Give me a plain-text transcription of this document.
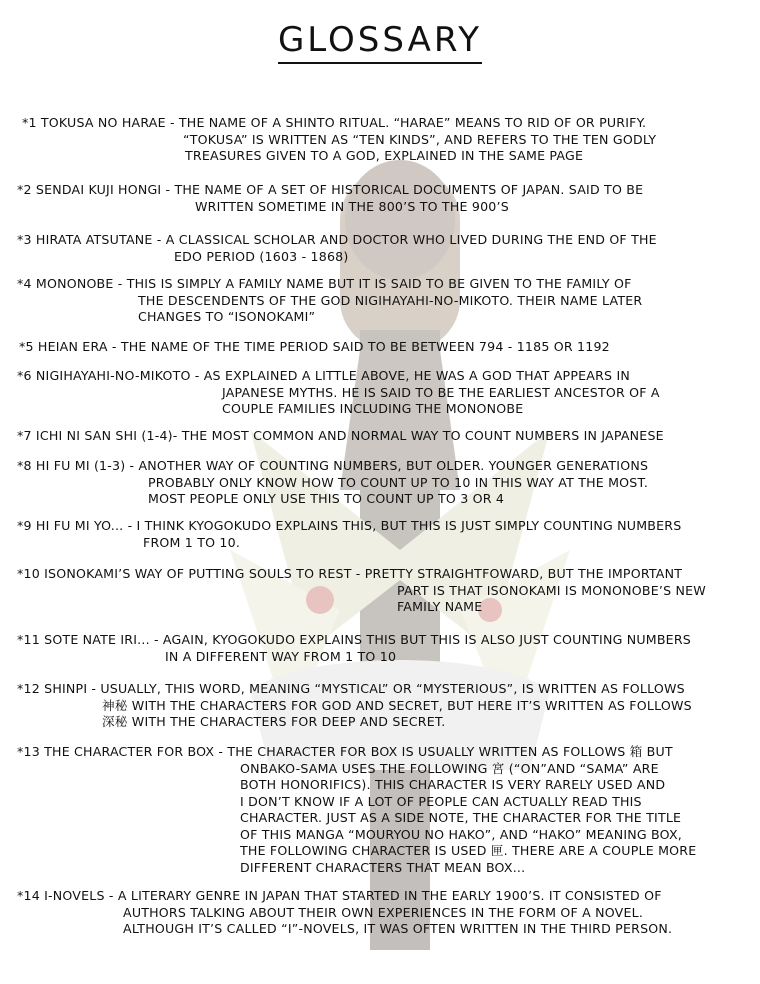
GLOSSARY
*1 TOKUSA NO HARAE - THE NAME OF A SHINTO RITUAL. “HARAE” MEANS TO RID OF OR PURIFY.
“TOKUSA” IS WRITTEN AS “TEN KINDS”, AND REFERS TO THE TEN GODLY
TREASURES GIVEN TO A GOD, EXPLAINED IN THE SAME PAGE
*2 SENDAI KUJI HONGI - THE NAME OF A SET OF HISTORICAL DOCUMENTS OF JAPAN. SAID TO BE
WRITTEN SOMETIME IN THE 800’S TO THE 900’S
*3 HIRATA ATSUTANE - A CLASSICAL SCHOLAR AND DOCTOR WHO LIVED DURING THE END OF THE
EDO PERIOD (1603 - 1868)
*4 MONONOBE - THIS IS SIMPLY A FAMILY NAME BUT IT IS SAID TO BE GIVEN TO THE FAMILY OF
THE DESCENDENTS OF THE GOD NIGIHAYAHI-NO-MIKOTO. THEIR NAME LATER
CHANGES TO “ISONOKAMI”
*5 HEIAN ERA - THE NAME OF THE TIME PERIOD SAID TO BE BETWEEN 794 - 1185 OR 1192
*6 NIGIHAYAHI-NO-MIKOTO - AS EXPLAINED A LITTLE ABOVE, HE WAS A GOD THAT APPEARS IN
JAPANESE MYTHS. HE IS SAID TO BE THE EARLIEST ANCESTOR OF A
COUPLE FAMILIES INCLUDING THE MONONOBE
*7 ICHI NI SAN SHI (1-4)- THE MOST COMMON AND NORMAL WAY TO COUNT NUMBERS IN JAPANESE
*8 HI FU MI (1-3) - ANOTHER WAY OF COUNTING NUMBERS, BUT OLDER. YOUNGER GENERATIONS
PROBABLY ONLY KNOW HOW TO COUNT UP TO 10 IN THIS WAY AT THE MOST.
MOST PEOPLE ONLY USE THIS TO COUNT UP TO 3 OR 4
*9 HI FU MI YO... - I THINK KYOGOKUDO EXPLAINS THIS, BUT THIS IS JUST SIMPLY COUNTING NUMBERS
FROM 1 TO 10.
*10 ISONOKAMI’S WAY OF PUTTING SOULS TO REST - PRETTY STRAIGHTFOWARD, BUT THE IMPORTANT
PART IS THAT ISONOKAMI IS MONONOBE’S NEW
FAMILY NAME
*11 SOTE NATE IRI... - AGAIN, KYOGOKUDO EXPLAINS THIS BUT THIS IS ALSO JUST COUNTING NUMBERS
IN A DIFFERENT WAY FROM 1 TO 10
*12 SHINPI - USUALLY, THIS WORD, MEANING “MYSTICAL” OR “MYSTERIOUS”, IS WRITTEN AS FOLLOWS
神秘 WITH THE CHARACTERS FOR GOD AND SECRET, BUT HERE IT’S WRITTEN AS FOLLOWS
深秘 WITH THE CHARACTERS FOR DEEP AND SECRET.
*13 THE CHARACTER FOR BOX - THE CHARACTER FOR BOX IS USUALLY WRITTEN AS FOLLOWS 箱 BUT
ONBAKO-SAMA USES THE FOLLOWING 宮 (“ON”AND “SAMA” ARE
BOTH HONORIFICS). THIS CHARACTER IS VERY RARELY USED AND
I DON’T KNOW IF A LOT OF PEOPLE CAN ACTUALLY READ THIS
CHARACTER. JUST AS A SIDE NOTE, THE CHARACTER FOR THE TITLE
OF THIS MANGA “MOURYOU NO HAKO”, AND “HAKO” MEANING BOX,
THE FOLLOWING CHARACTER IS USED 匣. THERE ARE A COUPLE MORE
DIFFERENT CHARACTERS THAT MEAN BOX...
*14 I-NOVELS - A LITERARY GENRE IN JAPAN THAT STARTED IN THE EARLY 1900’S. IT CONSISTED OF
AUTHORS TALKING ABOUT THEIR OWN EXPERIENCES IN THE FORM OF A NOVEL.
ALTHOUGH IT’S CALLED “I”-NOVELS, IT WAS OFTEN WRITTEN IN THE THIRD PERSON.
